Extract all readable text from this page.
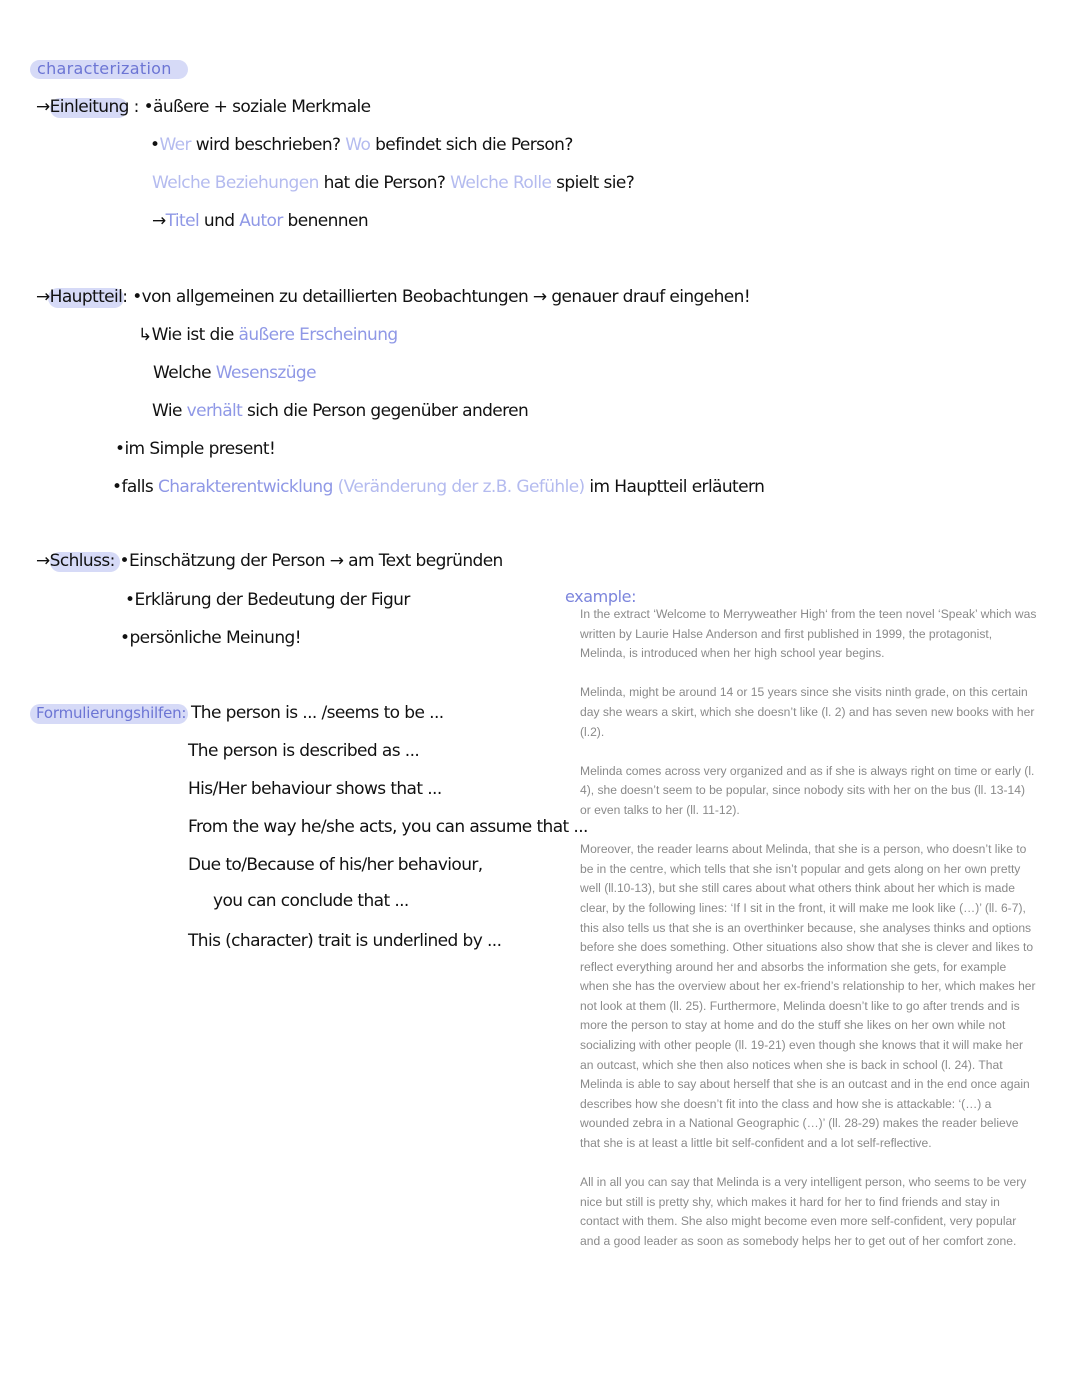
characterization
→Einleitung : •äußere + soziale Merkmale
•Wer wird beschrieben? Wo befindet sich die Person?
Welche Beziehungen hat die Person? Welche Rolle spielt sie?
→Titel und Autor benennen
→Hauptteil: •von allgemeinen zu detaillierten Beobachtungen → genauer drauf eingehen!
↳Wie ist die äußere Erscheinung
Welche Wesenszüge
Wie verhält sich die Person gegenüber anderen
•im Simple present!
•falls Charakterentwicklung (Veränderung der z.B. Gefühle) im Hauptteil erläutern
→Schluss: •Einschätzung der Person → am Text begründen
•Erklärung der Bedeutung der Figur
•persönliche Meinung!
Formulierungshilfen: The person is ... /seems to be ...
The person is described as ...
His/Her behaviour shows that ...
From the way he/she acts, you can assume that ...
Due to/Because of his/her behaviour,
you can conclude that ...
This (character) trait is underlined by ...
example:

In the extract ‘Welcome to Merryweather High‘ from the teen novel ‘Speak’ which was written by Laurie Halse Anderson and first published in 1999, the protagonist, Melinda, is introduced when her high school year begins.

Melinda, might be around 14 or 15 years since she visits ninth grade, on this certain day she wears a skirt, which she doesn’t like (l. 2) and has seven new books with her (l.2).

Melinda comes across very organized and as if she is always right on time or early (l. 4), she doesn’t seem to be popular, since nobody sits with her on the bus (ll. 13-14) or even talks to her (ll. 11-12).

Moreover, the reader learns about Melinda, that she is a person, who doesn’t like to be in the centre, which tells that she isn’t popular and gets along on her own pretty well (ll.10-13), but she still cares about what others think about her which is made clear, by the following lines: ‘If I sit in the front, it will make me look like (…)’ (ll. 6-7), this also tells us that she is an overthinker because, she analyses thinks and options before she does something. Other situations also show that she is clever and likes to reflect everything around her and absorbs the information she gets, for example when she has the overview about her ex-friend’s relationship to her, which makes her not look at them (ll. 25). Furthermore, Melinda doesn’t like to go after trends and is more the person to stay at home and do the stuff she likes on her own while not socializing with other people (ll. 19-21) even though she knows that it will make her an outcast, which she then also notices when she is back in school (l. 24). That Melinda is able to say about herself that she is an outcast and in the end once again describes how she doesn’t fit into the class and how she is attackable: ‘(…) a wounded zebra in a National Geographic (…)’ (ll. 28-29) makes the reader believe that she is at least a little bit self-confident and a lot self-reflective.

All in all you can say that Melinda is a very intelligent person, who seems to be very nice but still is pretty shy, which makes it hard for her to find friends and stay in contact with them. She also might become even more self-confident, very popular and a good leader as soon as somebody helps her to get out of her comfort zone.
